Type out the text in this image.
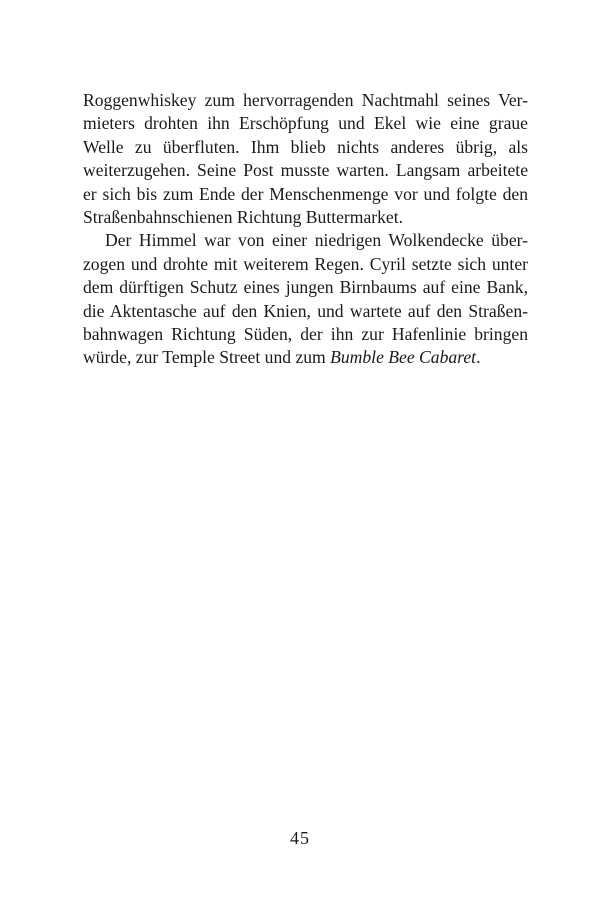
Roggenwhiskey zum hervorragenden Nachtmahl seines Ver-
mieters drohten ihn Erschöpfung und Ekel wie eine graue
Welle zu überfluten. Ihm blieb nichts anderes übrig, als
weiterzugehen. Seine Post musste warten. Langsam arbeitete
er sich bis zum Ende der Menschenmenge vor und folgte den
Straßenbahnschienen Richtung Buttermarket.

Der Himmel war von einer niedrigen Wolkendecke über-
zogen und drohte mit weiterem Regen. Cyril setzte sich unter
dem dürftigen Schutz eines jungen Birnbaums auf eine Bank,
die Aktentasche auf den Knien, und wartete auf den Straßen-
bahnwagen Richtung Süden, der ihn zur Hafenlinie bringen
würde, zur Temple Street und zum Bumble Bee Cabaret.

45
